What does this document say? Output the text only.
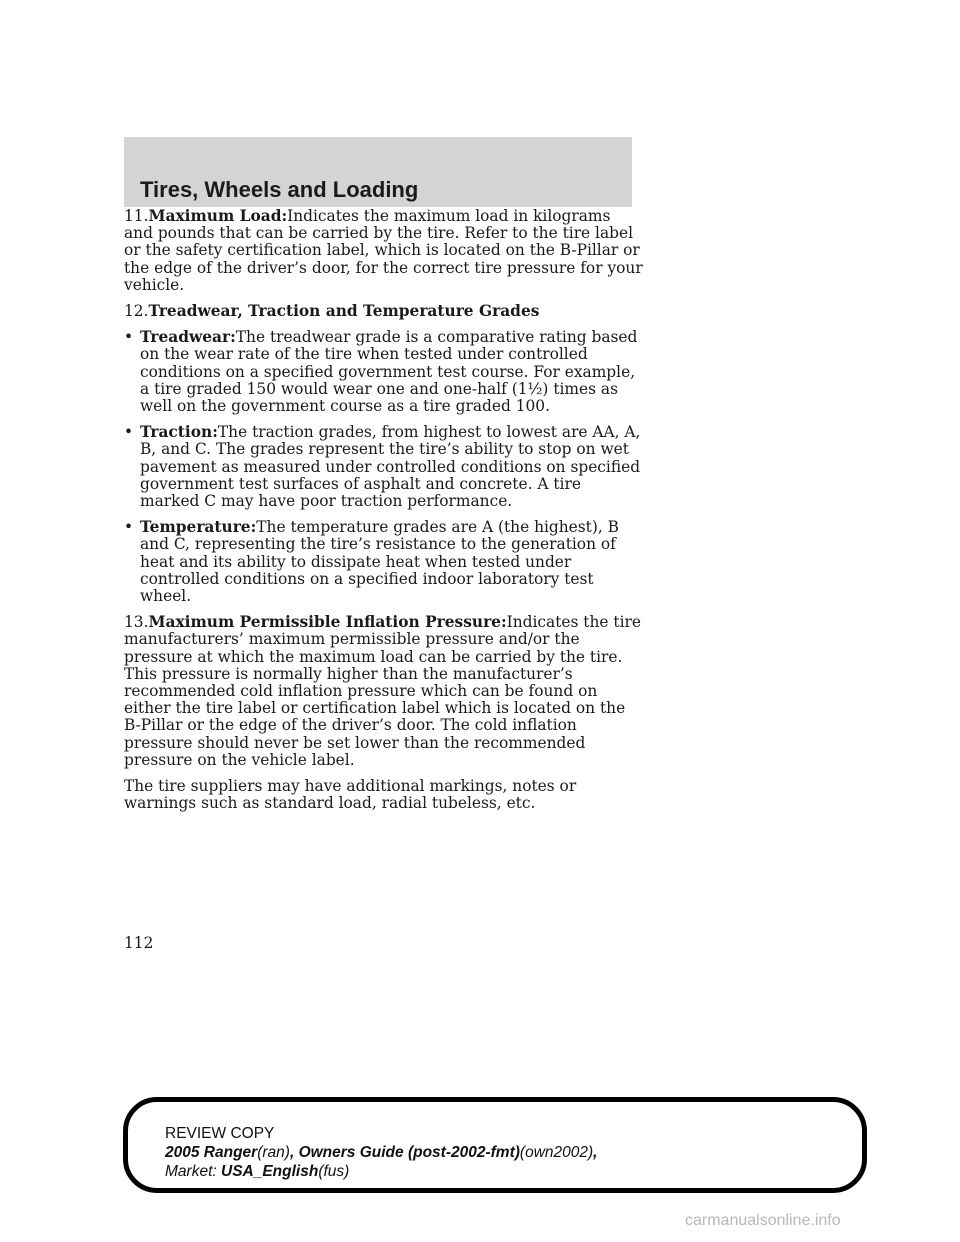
Tires, Wheels and Loading

11.Maximum Load:Indicates the maximum load in kilograms and pounds that can be carried by the tire. Refer to the tire label or the safety certification label, which is located on the B-Pillar or the edge of the driver’s door, for the correct tire pressure for your vehicle.

12.Treadwear, Traction and Temperature Grades

• Treadwear:The treadwear grade is a comparative rating based on the wear rate of the tire when tested under controlled conditions on a specified government test course. For example, a tire graded 150 would wear one and one-half (1½) times as well on the government course as a tire graded 100.
• Traction:The traction grades, from highest to lowest are AA, A, B, and C. The grades represent the tire’s ability to stop on wet pavement as measured under controlled conditions on specified government test surfaces of asphalt and concrete. A tire marked C may have poor traction performance.
• Temperature:The temperature grades are A (the highest), B and C, representing the tire’s resistance to the generation of heat and its ability to dissipate heat when tested under controlled conditions on a specified indoor laboratory test wheel.

13.Maximum Permissible Inflation Pressure:Indicates the tire manufacturers’ maximum permissible pressure and/or the pressure at which the maximum load can be carried by the tire. This pressure is normally higher than the manufacturer’s recommended cold inflation pressure which can be found on either the tire label or certification label which is located on the B-Pillar or the edge of the driver’s door. The cold inflation pressure should never be set lower than the recommended pressure on the vehicle label.

The tire suppliers may have additional markings, notes or warnings such as standard load, radial tubeless, etc.

112
REVIEW COPY
2005 Ranger(ran), Owners Guide (post-2002-fmt)(own2002),
Market: USA_English(fus)
carmanualsonline.info
